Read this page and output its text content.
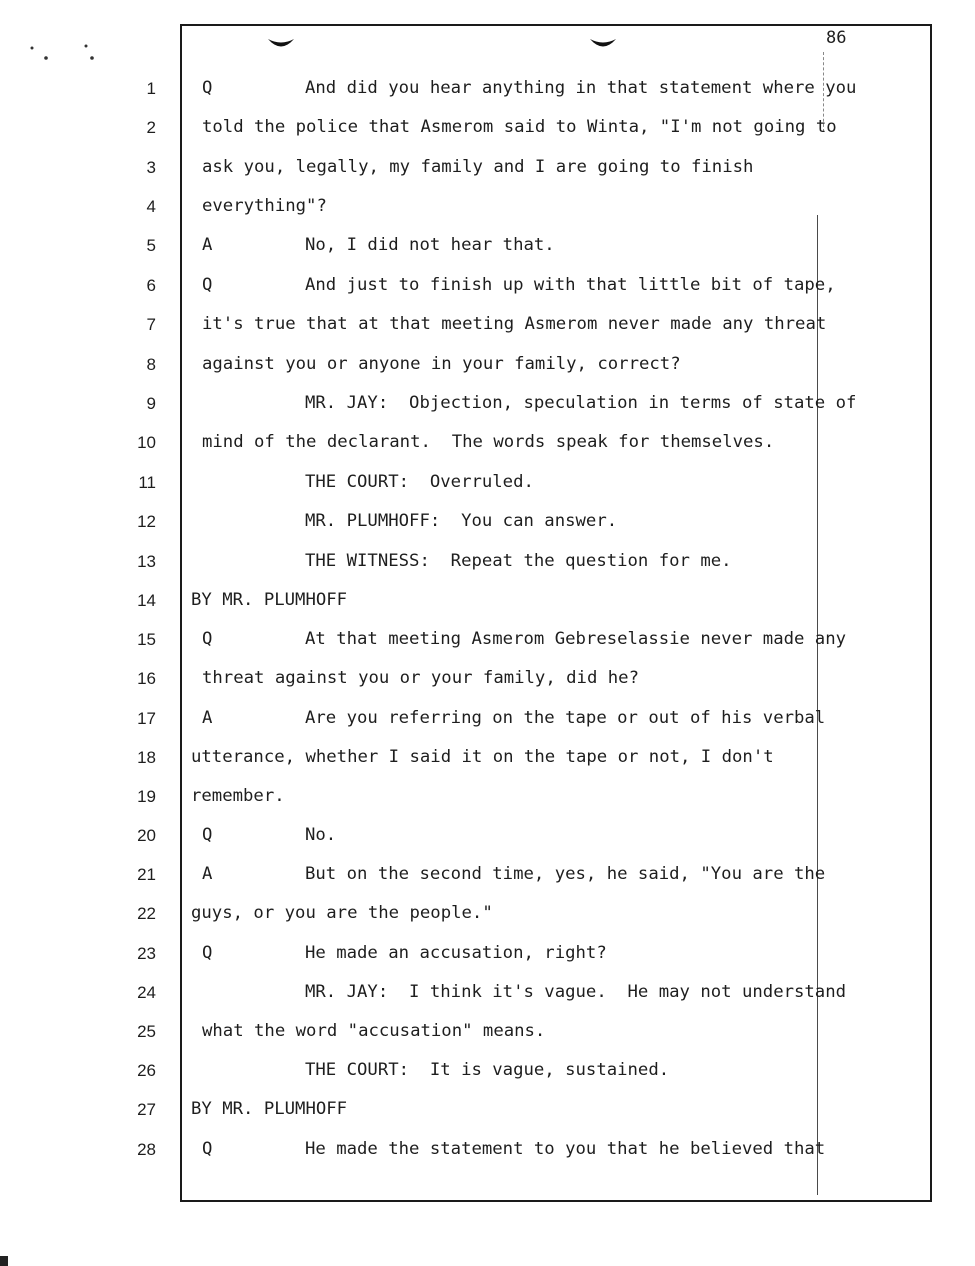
86
1	Q	And did you hear anything in that statement where you
2	told the police that Asmerom said to Winta, "I'm not going to
3	ask you, legally, my family and I are going to finish
4	everything"?
5	A	No, I did not hear that.
6	Q	And just to finish up with that little bit of tape,
7	it's true that at that meeting Asmerom never made any threat
8	against you or anyone in your family, correct?
9	MR. JAY:  Objection, speculation in terms of state of
10	mind of the declarant.  The words speak for themselves.
11	THE COURT:  Overruled.
12	MR. PLUMHOFF:  You can answer.
13	THE WITNESS:  Repeat the question for me.
14 BY MR. PLUMHOFF
15	Q	At that meeting Asmerom Gebreselassie never made any
16	threat against you or your family, did he?
17	A	Are you referring on the tape or out of his verbal
18 utterance, whether I said it on the tape or not, I don't
19 remember.
20	Q	No.
21	A	But on the second time, yes, he said, "You are the
22 guys, or you are the people."
23	Q	He made an accusation, right?
24	MR. JAY:  I think it's vague.  He may not understand
25	what the word "accusation" means.
26	THE COURT:  It is vague, sustained.
27 BY MR. PLUMHOFF
28	Q	He made the statement to you that he believed that
